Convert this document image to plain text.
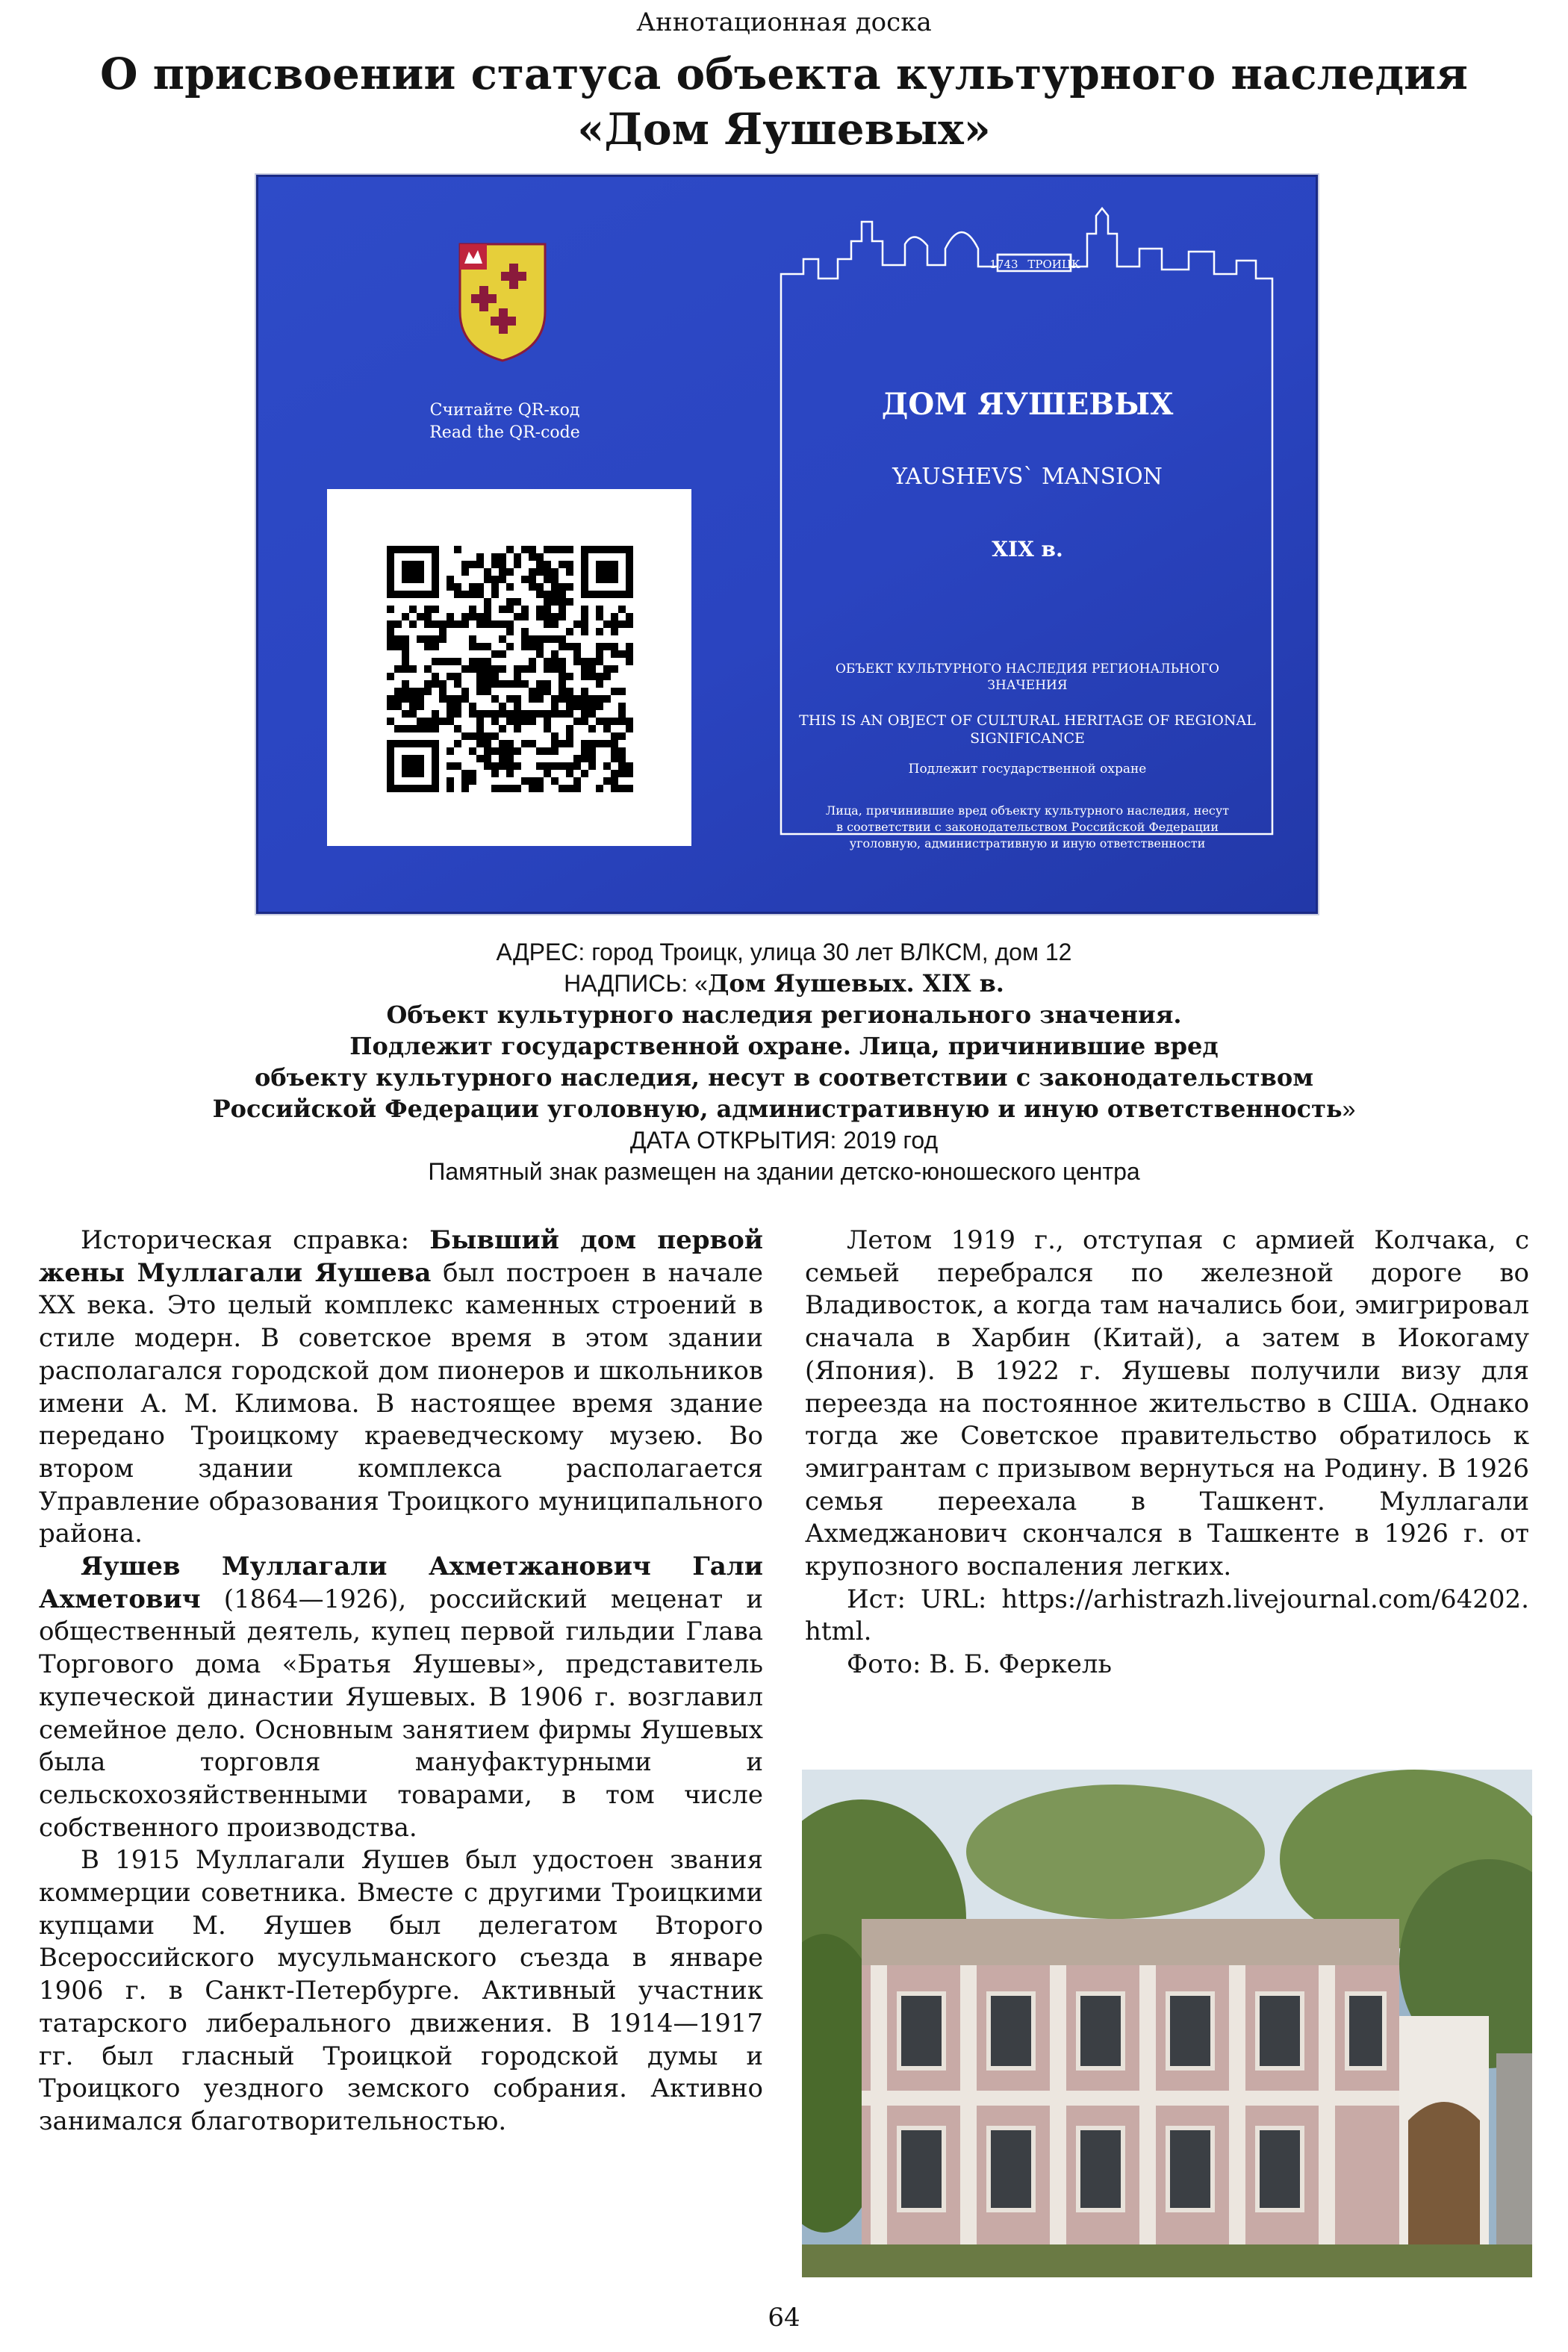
Аннотационная доска
О присвоении статуса объекта культурного наследия
«Дом Яушевых»
Считайте QR-код
Read the QR-code
1743 ТРОИЦК
ДОМ ЯУШЕВЫХ
YAUSHEVS` MANSION
XIX в.
ОБЪЕКТ КУЛЬТУРНОГО НАСЛЕДИЯ РЕГИОНАЛЬНОГО
ЗНАЧЕНИЯ
THIS IS AN OBJECT OF CULTURAL HERITAGE OF REGIONAL
SIGNIFICANCE
Подлежит государственной охране
Лица, причинившие вред объекту культурного наследия, несут
в соответствии с законодательством Российской Федерации
уголовную, административную и иную ответственности
АДРЕС: город Троицк, улица 30 лет ВЛКСМ, дом 12
НАДПИСЬ: «Дом Яушевых. XIX в.
Объект культурного наследия регионального значения.
Подлежит государственной охране. Лица, причинившие вред
объекту культурного наследия, несут в соответствии с законодательством
Российской Федерации уголовную, административную и иную ответственность»
ДАТА ОТКРЫТИЯ: 2019 год
Памятный знак размещен на здании детско-юношеского центра

Историческая справка: Бывший дом первой жены Муллагали Яушева был построен в начале XX века. Это целый комплекс каменных строений в стиле модерн. В советское время в этом здании располагался городской дом пионеров и школьников имени А. М. Климова. В настоящее время здание передано Троицкому краеведческому музею. Во втором здании комплекса располагается Управление образования Троицкого муниципального района.

Яушев Муллагали Ахметжанович Гали Ахметович (1864—1926), российский меценат и общественный деятель, купец первой гильдии Глава Торгового дома «Братья Яушевы», представитель купеческой династии Яушевых. В 1906 г. возглавил семейное дело. Основным занятием фирмы Яушевых была торговля мануфактурными и сельскохозяйственными товарами, в том числе собственного производства.

В 1915 Муллагали Яушев был удостоен звания коммерции советника. Вместе с другими Троицкими купцами М. Яушев был делегатом Второго Всероссийского мусульманского съезда в январе 1906 г. в Санкт-Петербурге. Активный участник татарского либерального движения. В 1914—1917 гг. был гласный Троицкой городской думы и Троицкого уездного земского собрания. Активно занимался благотворительностью.

Летом 1919 г., отступая с армией Колчака, с семьей перебрался по железной дороге во Владивосток, а когда там начались бои, эмигрировал сначала в Харбин (Китай), а затем в Иокогаму (Япония). В 1922 г. Яушевы получили визу для переезда на постоянное жительство в США. Однако тогда же Советское правительство обратилось к эмигрантам с призывом вернуться на Родину. В 1926 семья переехала в Ташкент. Муллагали Ахмеджанович скончался в Ташкенте в 1926 г. от крупозного воспаления легких.

Ист: URL: https://arhistrazh.livejournal.com/64202.html.

Фото: В. Б. Феркель

64
